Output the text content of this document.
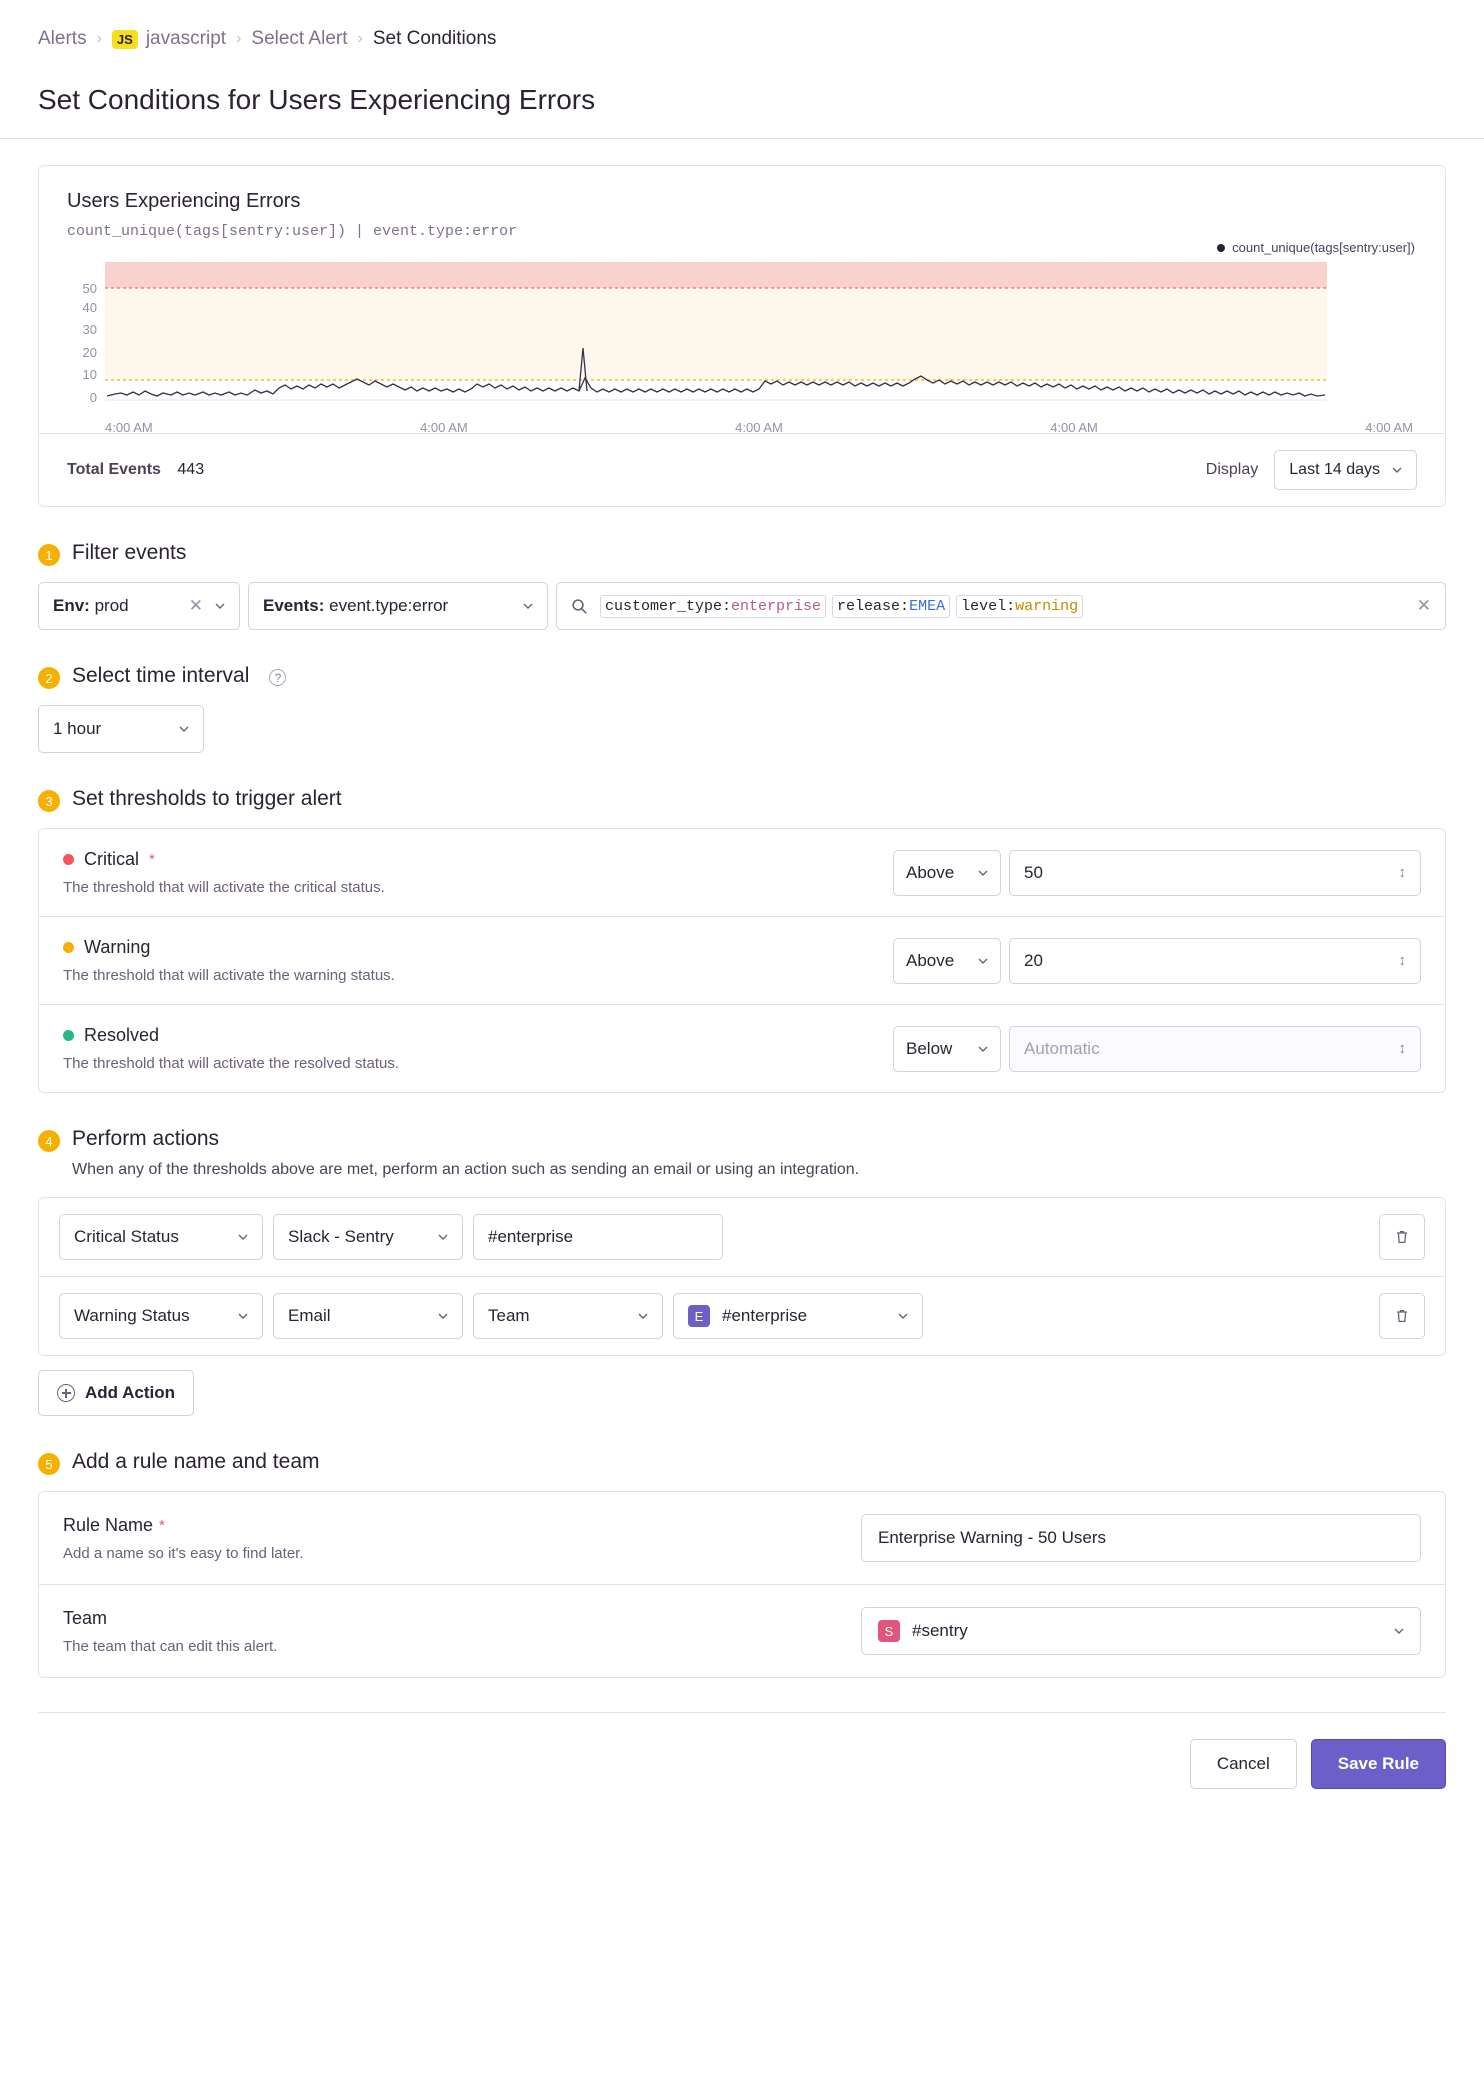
Alerts ›	JS javascript › Select Alert › Set Conditions
Set Conditions for Users Experiencing Errors
Users Experiencing Errors
count_unique(tags[sentry:user]) | event.type:error
count_unique(tags[sentry:user])
50
40
30
20
10
0
4:00 AM	4:00 AM	4:00 AM	4:00 AM	4:00 AM
Total Events 443	Display Last 14 days
1 Filter events
Env: prod	✕	Events: event.type:error	customer_type:enterprise	release:EMEA	level:warning	✕
2 Select time interval	?
1 hour
3 Set thresholds to trigger alert
Critical *
The threshold that will activate the critical status.
Above	50	↕
Warning
The threshold that will activate the warning status.
Above	20	↕
Resolved
The threshold that will activate the resolved status.
Below	Automatic	↕
4 Perform actions
When any of the thresholds above are met, perform an action such as sending an email or using an integration.
Critical Status	Slack - Sentry	#enterprise
Warning Status	Email	Team	E	#enterprise
Add Action
5 Add a rule name and team
Rule Name *
Add a name so it's easy to find later.
Enterprise Warning - 50 Users
Team
The team that can edit this alert.
S	#sentry
Cancel	Save Rule
